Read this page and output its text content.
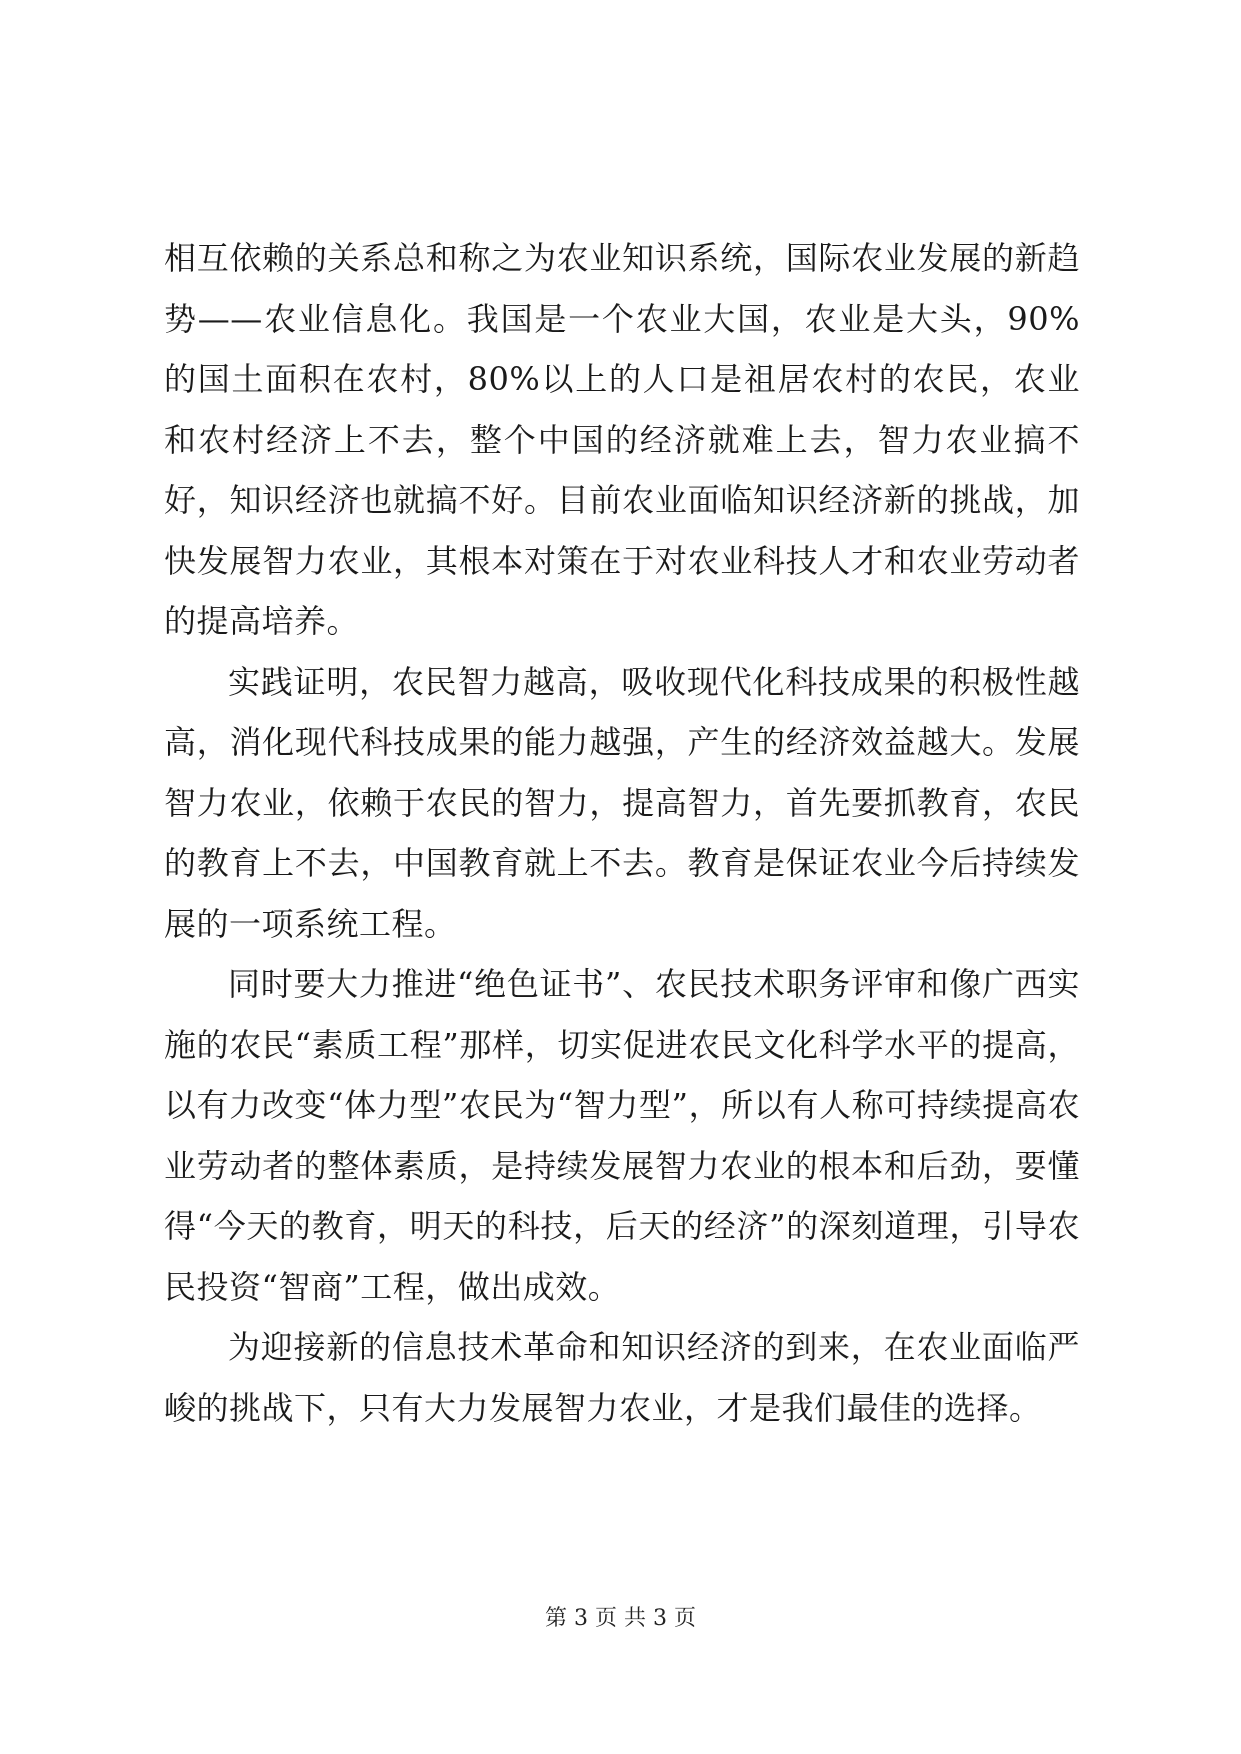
相互依赖的关系总和称之为农业知识系统，国际农业发展的新趋势——农业信息化。我国是一个农业大国，农业是大头，90%的国土面积在农村，80%以上的人口是祖居农村的农民，农业和农村经济上不去，整个中国的经济就难上去，智力农业搞不好，知识经济也就搞不好。目前农业面临知识经济新的挑战，加快发展智力农业，其根本对策在于对农业科技人才和农业劳动者的提高培养。

实践证明，农民智力越高，吸收现代化科技成果的积极性越高，消化现代科技成果的能力越强，产生的经济效益越大。发展智力农业，依赖于农民的智力，提高智力，首先要抓教育，农民的教育上不去，中国教育就上不去。教育是保证农业今后持续发展的一项系统工程。

同时要大力推进“绝色证书”、农民技术职务评审和像广西实施的农民“素质工程”那样，切实促进农民文化科学水平的提高，以有力改变“体力型”农民为“智力型”，所以有人称可持续提高农业劳动者的整体素质，是持续发展智力农业的根本和后劲，要懂得“今天的教育，明天的科技，后天的经济”的深刻道理，引导农民投资“智商”工程，做出成效。

为迎接新的信息技术革命和知识经济的到来，在农业面临严峻的挑战下，只有大力发展智力农业，才是我们最佳的选择。

第 3 页 共 3 页
